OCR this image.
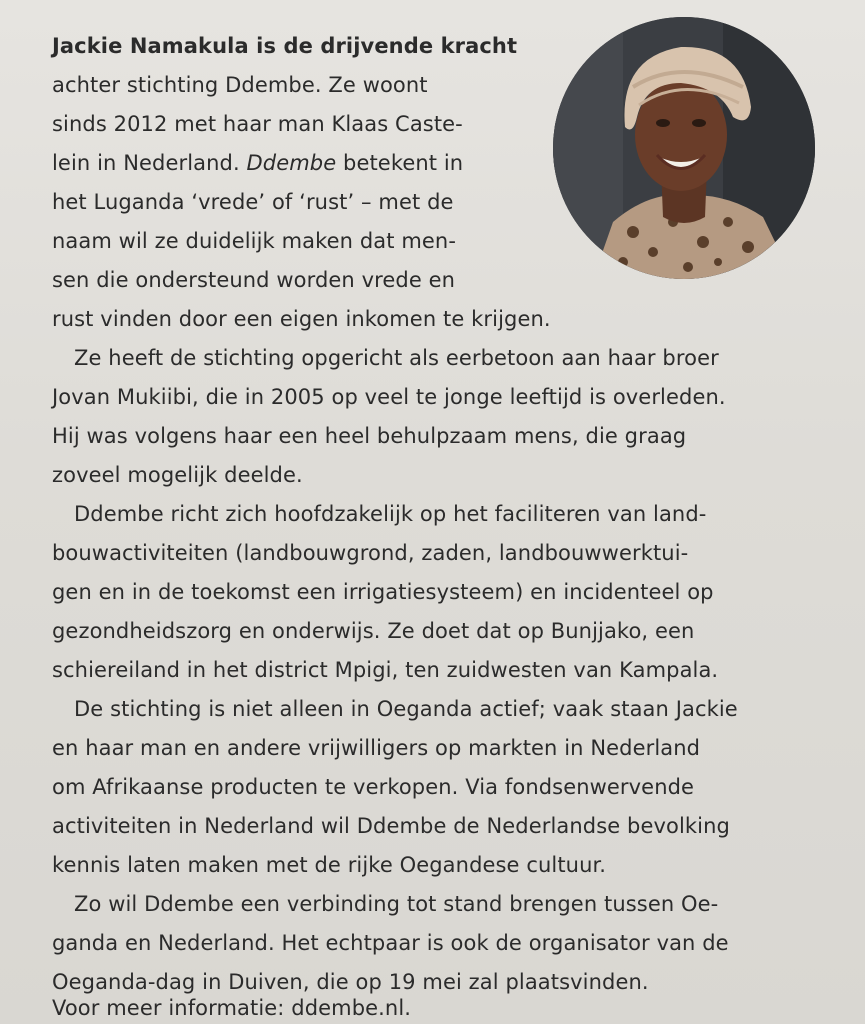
Jackie Namakula is de drijvende kracht
achter stichting Ddembe. Ze woont
sinds 2012 met haar man Klaas Caste-
lein in Nederland. Ddembe betekent in
het Luganda ‘vrede’ of ‘rust’ – met de
naam wil ze duidelijk maken dat men-
sen die ondersteund worden vrede en
rust vinden door een eigen inkomen te krijgen.
Ze heeft de stichting opgericht als eerbetoon aan haar broer
Jovan Mukiibi, die in 2005 op veel te jonge leeftijd is overleden.
Hij was volgens haar een heel behulpzaam mens, die graag
zoveel mogelijk deelde.
Ddembe richt zich hoofdzakelijk op het faciliteren van land-
bouwactiviteiten (landbouwgrond, zaden, landbouwwerktui-
gen en in de toekomst een irrigatiesysteem) en incidenteel op
gezondheidszorg en onderwijs. Ze doet dat op Bunjjako, een
schiereiland in het district Mpigi, ten zuidwesten van Kampala.
De stichting is niet alleen in Oeganda actief; vaak staan Jackie
en haar man en andere vrijwilligers op markten in Nederland
om Afrikaanse producten te verkopen. Via fondsenwervende
activiteiten in Nederland wil Ddembe de Nederlandse bevolking
kennis laten maken met de rijke Oegandese cultuur.
Zo wil Ddembe een verbinding tot stand brengen tussen Oe-
ganda en Nederland. Het echtpaar is ook de organisator van de
Oeganda-dag in Duiven, die op 19 mei zal plaatsvinden.
Voor meer informatie: ddembe.nl.
